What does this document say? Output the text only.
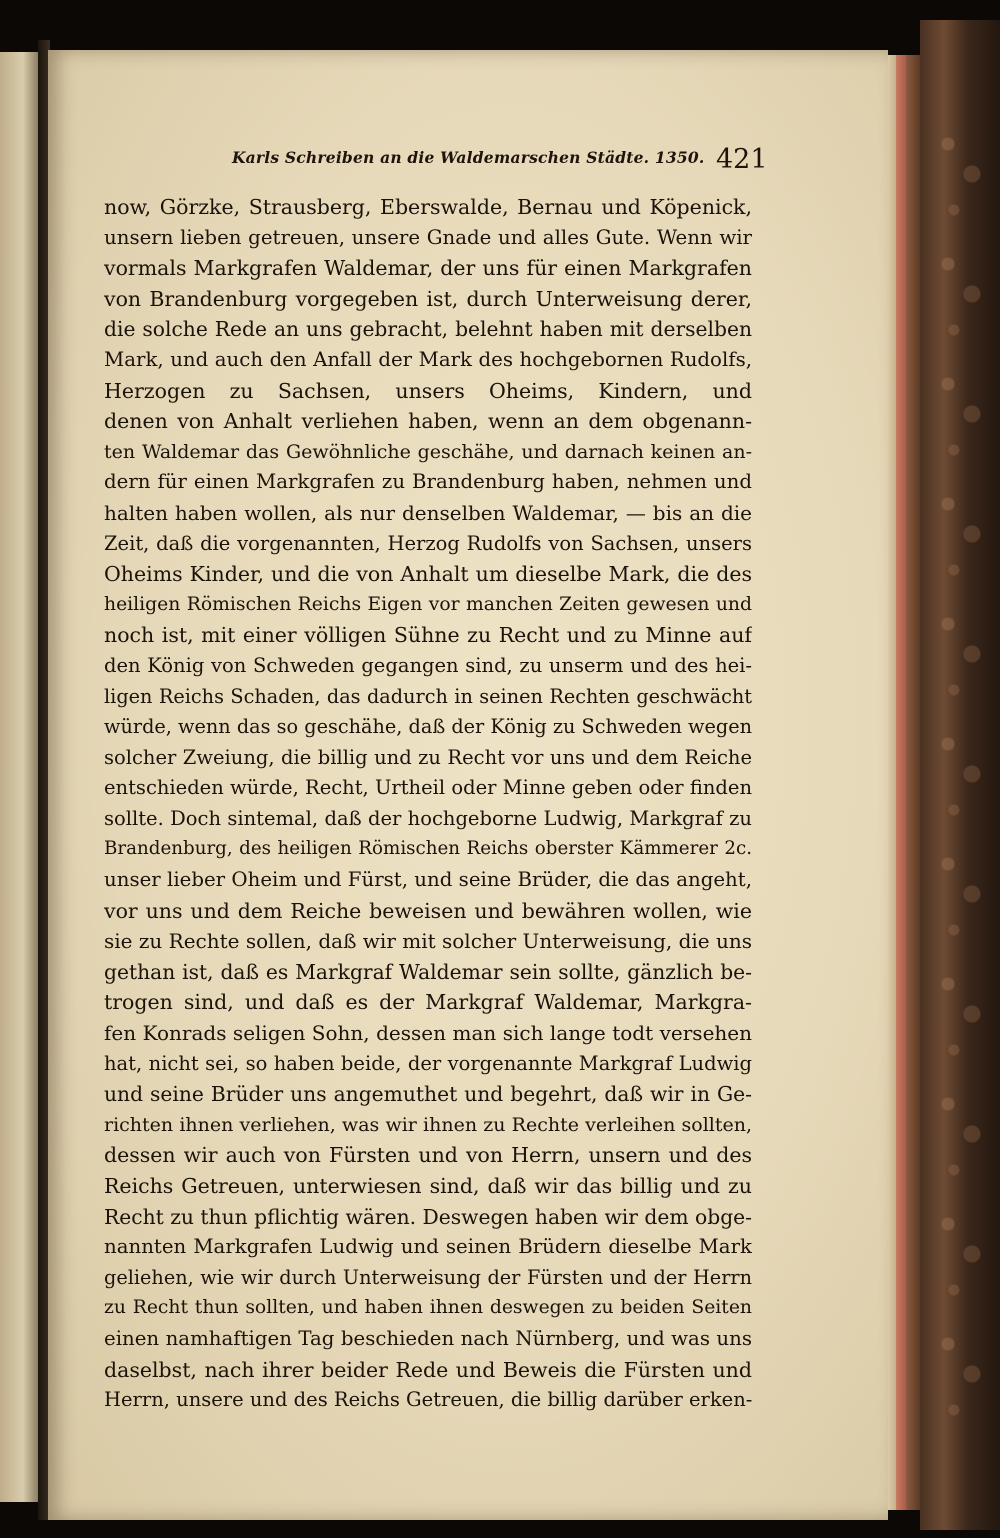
Karls Schreiben an die Waldemarschen Städte. 1350. 421
now, Görzke, Strausberg, Eberswalde, Bernau und Köpenick,
unsern lieben getreuen, unsere Gnade und alles Gute. Wenn wir
vormals Markgrafen Waldemar, der uns für einen Markgrafen
von Brandenburg vorgegeben ist, durch Unterweisung derer,
die solche Rede an uns gebracht, belehnt haben mit derselben
Mark, und auch den Anfall der Mark des hochgebornen Rudolfs,
Herzogen zu Sachsen, unsers Oheims, Kindern, und
denen von Anhalt verliehen haben, wenn an dem obgenann-
ten Waldemar das Gewöhnliche geschähe, und darnach keinen an-
dern für einen Markgrafen zu Brandenburg haben, nehmen und
halten haben wollen, als nur denselben Waldemar, — bis an die
Zeit, daß die vorgenannten, Herzog Rudolfs von Sachsen, unsers
Oheims Kinder, und die von Anhalt um dieselbe Mark, die des
heiligen Römischen Reichs Eigen vor manchen Zeiten gewesen und
noch ist, mit einer völligen Sühne zu Recht und zu Minne auf
den König von Schweden gegangen sind, zu unserm und des hei-
ligen Reichs Schaden, das dadurch in seinen Rechten geschwächt
würde, wenn das so geschähe, daß der König zu Schweden wegen
solcher Zweiung, die billig und zu Recht vor uns und dem Reiche
entschieden würde, Recht, Urtheil oder Minne geben oder finden
sollte. Doch sintemal, daß der hochgeborne Ludwig, Markgraf zu
Brandenburg, des heiligen Römischen Reichs oberster Kämmerer 2c.
unser lieber Oheim und Fürst, und seine Brüder, die das angeht,
vor uns und dem Reiche beweisen und bewähren wollen, wie
sie zu Rechte sollen, daß wir mit solcher Unterweisung, die uns
gethan ist, daß es Markgraf Waldemar sein sollte, gänzlich be-
trogen sind, und daß es der Markgraf Waldemar, Markgra-
fen Konrads seligen Sohn, dessen man sich lange todt versehen
hat, nicht sei, so haben beide, der vorgenannte Markgraf Ludwig
und seine Brüder uns angemuthet und begehrt, daß wir in Ge-
richten ihnen verliehen, was wir ihnen zu Rechte verleihen sollten,
dessen wir auch von Fürsten und von Herrn, unsern und des
Reichs Getreuen, unterwiesen sind, daß wir das billig und zu
Recht zu thun pflichtig wären. Deswegen haben wir dem obge-
nannten Markgrafen Ludwig und seinen Brüdern dieselbe Mark
geliehen, wie wir durch Unterweisung der Fürsten und der Herrn
zu Recht thun sollten, und haben ihnen deswegen zu beiden Seiten
einen namhaftigen Tag beschieden nach Nürnberg, und was uns
daselbst, nach ihrer beider Rede und Beweis die Fürsten und
Herrn, unsere und des Reichs Getreuen, die billig darüber erken-
